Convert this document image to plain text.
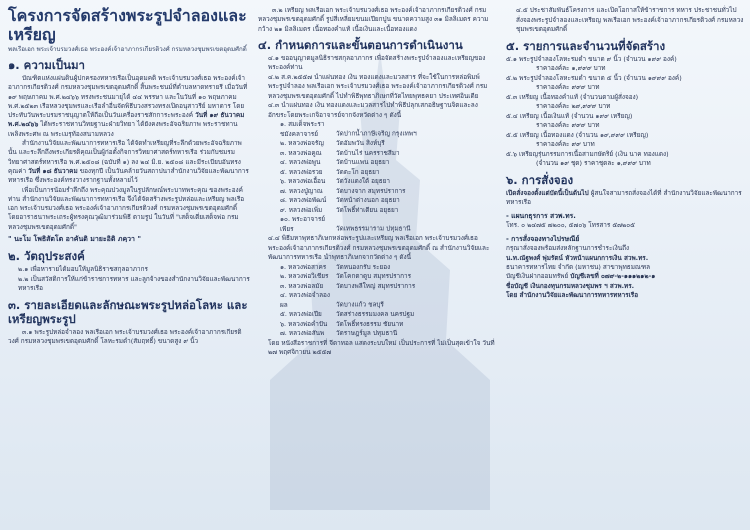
โครงการจัดสร้างพระรูปจำลองและเหรียญ
พลเรือเอก พระเจ้าบรมวงศ์เธอ พระองค์เจ้าอาภากรเกียรติวงศ์ กรมหลวงชุมพรเขตอุดมศักดิ์
๑. ความเป็นมา

บัณฑิตแห่งแผ่นดินผู้ปกครองทหารเรือเป็นอุดมคติ พระเจ้าบรมวงศ์เธอ พระองค์เจ้าอาภากรเกียรติวงศ์ กรมหลวงชุมพรเขตอุดมศักดิ์ สิ้นพระชนม์ที่ตำบลหาดทรายรี เมื่อวันที่ ๑๙ พฤษภาคม พ.ศ.๒๔๖๖ ทรงพระชนมายุได้ ๔๔ พรรษา และในวันที่ ๑๐ พฤษภาคม พ.ศ.๒๕๒๓ เรือหลวงชุมพรและเรือลำอื่นจัดพิธีบวงสรวงทรงเปิดอนุสาวรีย์ มหาดาร โดยประทับวันพระบรมราชนุญาตให้ถือเป็นวันเครื่องราชสักการะพระองค์ วันที่ ๑๙ ธันวาคม พ.ศ.๒๔๖๖ ได้พระราชทานวิทยฐานะฝ่ายวิทยา ได้ยังคงพระอัจฉริยภาพ พระราชทานเพลิงพระศพ ณ พระเมรุท้องสนามหลวง

สำนักงานวิจัยและพัฒนาการทหารเรือ ได้จัดทำเหรียญที่ระลึกด้วยพระอัจฉริยภาพนั้น และระลึกถึงพระเกียรติคุณเป็นผู้ก่อตั้งกิจการวิทยาศาสตร์ทหารเรือ ร่วมกับชมรมวิทยาศาสตร์ทหารเรือ พ.ศ.๒๕๐๘ (ฉบับที่ ๑) ลง ๒๔ มิ.ย. ๒๕๐๘ และมีระเบียบอันทรงคุณค่า วันที่ ๑๘ ธันวาคม ของทุกปี เป็นวันคล้ายวันสถาปนาสำนักงานวิจัยและพัฒนาการทหารเรือ ซึ่งพระองค์ทรงวางรากฐานทั้งหลายไว้

เพื่อเป็นการน้อมรำลึกถึง พระคุณปวงมูลในรูปลักษณ์พระบาทพระคุณ ของพระองค์ท่าน สำนักงานวิจัยและพัฒนาการทหารเรือ จึงได้จัดสร้างพระรูปหล่อและเหรียญ พลเรือเอก พระเจ้าบรมวงศ์เธอ พระองค์เจ้าอาภากรเกียรติวงศ์ กรมหลวงชุมพรเขตอุดมศักดิ์ โดยอาราธนาพระเถระผู้ทรงคุณวุฒิมาร่วมพิธี ตามรูป ในวันที่ "เสด็จเตี่ยเสด็จพ่อ กรมหลวงชุมพรเขตอุดมศักดิ์"

" นะโม โพธิสัตโต อาคันติ มายะอิติ ภคฺวา "
๒. วัตถุประสงค์
๒.๑ เพื่อหารายได้มอบให้มูลนิธิราชสกุลอาภากร
๒.๒ เป็นสวัสดิการให้แก่ข้าราชการทหาร และลูกจ้างของสำนักงานวิจัยและพัฒนาการทหารเรือ
๓. รายละเอียดและลักษณะพระรูปหล่อโลหะ และเหรียญพระรูป

๓.๑ พระรูปหล่อจำลอง พลเรือเอก พระเจ้าบรมวงศ์เธอ พระองค์เจ้าอาภากรเกียรติวงศ์ กรมหลวงชุมพรเขตอุดมศักดิ์ โลหะรมดำ(สัมฤทธิ์) ขนาดสูง ๙ นิ้ว

๓.๒ เหรียญ พลเรือเอก พระเจ้าบรมวงศ์เธอ พระองค์เจ้าอาภากรเกียรติวงศ์ กรมหลวงชุมพรเขตอุดมศักดิ์ รูปสี่เหลี่ยมขนมเปียกปูน ขนาดความสูง ๓๑ มิลลิเมตร ความกว้าง ๒๑ มิลลิเมตร เนื้อทองคำแท้ เนื้อเงินและเนื้อทองแดง

๔. กำหนดการและขั้นตอนการดำเนินงาน
๔.๑ ขออนุญาตมูลนิธิราชสกุลอาภากร เพื่อจัดสร้างพระรูปจำลองและเหรียญของพระองค์ท่าน
๔.๒ ส.ค.๒๕๕๗ นำแผ่นทอง เงิน ทองแดงและมวลสาร ที่จะใช้ในการหล่อพิมพ์พระรูปจำลอง พลเรือเอก พระเจ้าบรมวงศ์เธอ พระองค์เจ้าอาภากรเกียรติวงศ์ กรมหลวงชุมพรเขตอุดมศักดิ์ ไปทำพิธีพุทธาภิเษกที่วัดไทยพุทธคยา ประเทศอินเดีย
๔.๓ นำแผ่นทอง เงิน ทองแดงและมวลสารไปทำพิธีปลุกเสกอธิษฐานจิตและลงอักขระโดยพระเกจิอาจารย์จากจังหวัดต่าง ๆ ดังนี้
๑. สมเด็จพระราชมังคลาจารย์	วัดปากน้ำภาษีเจริญ กรุงเทพฯ
๒. หลวงพ่อจรัญ วัดอัมพวัน สิงห์บุรี
๓. หลวงพ่อคูณ วัดบ้านไร่ นครราชสีมา
๔. หลวงพ่อพูน วัดบ้านแพน อยุธยา
๕. หลวงพ่อรวย วัดตะโก อยุธยา
๖. หลวงพ่อเอื้อน วัดวังแดงใต้ อยุธยา
๗. หลวงปู่ญาณ วัดบางจาก สมุทรปราการ
๘. หลวงพ่อพัฒน์ วัดหน้าต่างนอก อยุธยา
๙. หลวงพ่อเพิ่ม วัดโพธิ์ท่าเตียน อยุธยา
๑๐. พระอาจารย์เพียร	วัดเทพธรรมาราม ปทุมธานี
๔.๔ พิธีมหาพุทธาภิเษกหล่อพระรูปและเหรียญ พลเรือเอก พระเจ้าบรมวงศ์เธอ พระองค์เจ้าอาภากรเกียรติวงศ์ กรมหลวงชุมพรเขตอุดมศักดิ์ ณ สำนักงานวิจัยและพัฒนาการทหารเรือ นำพุทธาภิเษกจากวัดต่าง ๆ ดังนี้
๑. หลวงพ่อสาคร วัดหนองกรับ ระยอง
๒. หลวงพ่อวิเชียร วัดโคกตาดูบ สมุทรปราการ
๓. หลวงพ่อลมัย วัดบางพลีใหญ่ สมุทรปราการ
๔. หลวงพ่อจำลองผล	วัดบางแก้ว ชลบุรี
๕. หลวงพ่อเปีย วัดสร่างธรรมมงคล นครปฐม
๖. หลวงพ่อคำปัน วัดโพธิ์ทรงธรรม ชัยนาท
๗. หลวงพ่อสันพ วัดราษฎร์มูล ปทุมธานี
โดย หนังสือราชการที่ จีดาทอล แสดงระบบใหม่ เป็นประการที่ ไม่เป็นสุดเข้าใจ วันที่ ๒๗ พฤศจิกายน ๒๕๕๗
๔.๕ ประชาสัมพันธ์โครงการ และเปิดโอกาสให้ข้าราชการ ทหาร ประชาชนทั่วไป สั่งจองพระรูปจำลองและเหรียญ พลเรือเอก พระองค์เจ้าอาภากรเกียรติวงศ์ กรมหลวงชุมพรเขตอุดมศักดิ์
๕. รายการและจำนวนที่จัดสร้าง
๕.๑ พระรูปจำลองโลหะรมดำ ขนาด ๙ นิ้ว (จำนวน ๑๙๙ องค์)
ราคาองค์ละ ๑,๙๙๙ บาท
๕.๒ พระรูปจำลองโลหะรมดำ ขนาด ๕ นิ้ว (จำนวน ๑๙๙๙ องค์)
ราคาองค์ละ ๙๙๙ บาท
๕.๓ เหรียญ เนื้อทองคำแท้ (จำนวนตามผู้สั่งจอง)
ราคาองค์ละ ๒๙,๙๙๙ บาท
๕.๔ เหรียญ เนื้อเงินแท้ (จำนวน ๑๙๙ เหรียญ)
ราคาองค์ละ ๙๙๙ บาท
๕.๕ เหรียญ เนื้อทองแดง (จำนวน ๑๙,๙๙๙ เหรียญ)
ราคาองค์ละ ๙๙ บาท
๕.๖ เหรียญรุ่นกรรมการเนื้อสามกษัตริย์ (เงิน นาค ทองแดง)
(จำนวน ๑๙ ชุด) ราคาชุดละ ๑,๙๙๙ บาท
๖. การสั่งจอง

เปิดสั่งจองตั้งแต่บัดนี้เป็นต้นไป ผู้สนใจสามารถสั่งจองได้ที่ สำนักงานวิจัยและพัฒนาการทหารเรือ

- แผนกธุรการ สวพ.ทร.

โทร. ๐ ๒๔๗๕ ๗๒๐๐, ๕๗๐๖ โทรสาร ๕๗๒๐๕

- การสั่งจองทางไปรษณีย์

กรุณาสั่งจองพร้อมส่งหลักฐานการชำระเงินถึง

น.ท.ณัฐพงศ์ พุ่มรัตน์ หัวหน้าแผนกการเงิน สวพ.ทร.

ธนาคารทหารไทย จำกัด (มหาชน) สาขาพุทธมณฑล

บัญชีเงินฝากออมทรัพย์ บัญชีเลขที่ ๐๗๙-๒-๑๑๑๒๑๒-๑

ชื่อบัญชี เงินกองทุนกรมหลวงชุมพร ฯ สวพ.ทร.

โดย สำนักงานวิจัยและพัฒนาการทหารทหารเรือ
